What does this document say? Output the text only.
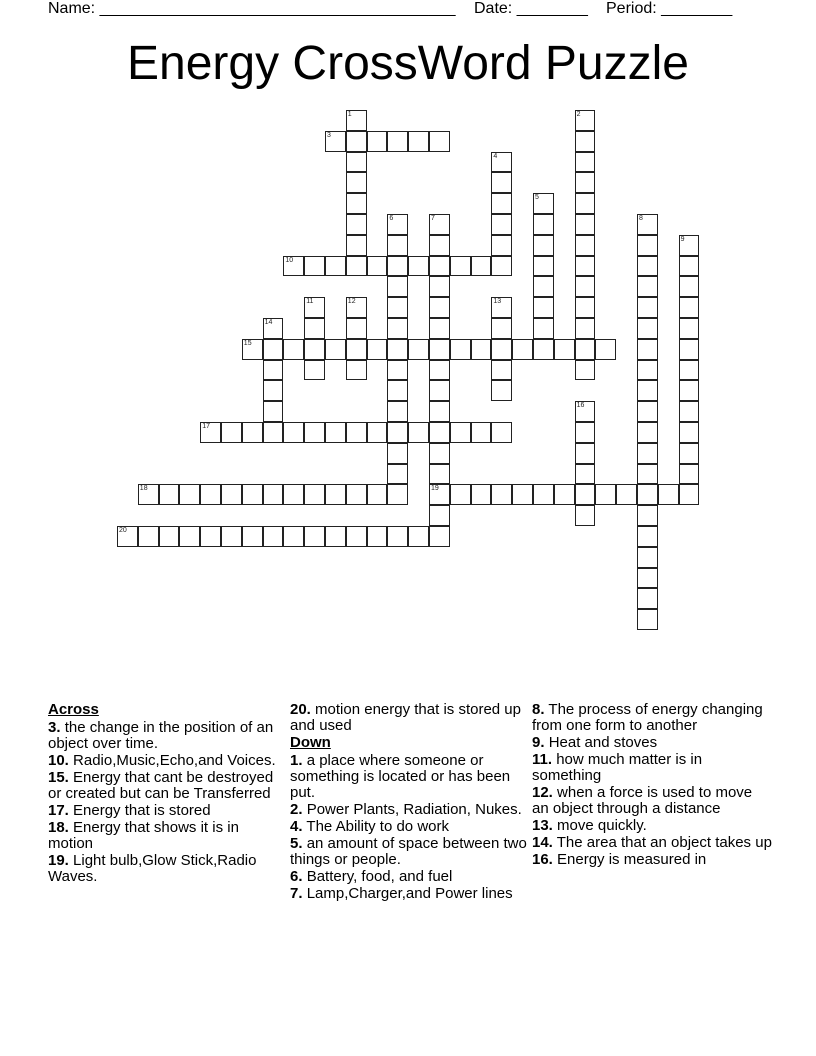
Name: ________________________________________ Date: ________ Period: ________
Energy CrossWord Puzzle
1	2
3
4
5
6	7
19
8
9
10
11	12	13
14
15
16
17
18
20
Across
3. the change in the position of an object over time.
10. Radio,Music,Echo,and Voices.
15. Energy that cant be destroyed or created but can be Transferred
17. Energy that is stored
18. Energy that shows it is in motion
19. Light bulb,Glow Stick,Radio Waves.
20. motion energy that is stored up and used
Down
1. a place where someone or something is located or has been put.
2. Power Plants, Radiation, Nukes.
4. The Ability to do work
5. an amount of space between two things or people.
6. Battery, food, and fuel
7. Lamp,Charger,and Power lines
8. The process of energy changing from one form to another
9. Heat and stoves
11. how much matter is in something
12. when a force is used to move an object through a distance
13. move quickly.
14. The area that an object takes up
16. Energy is measured in
